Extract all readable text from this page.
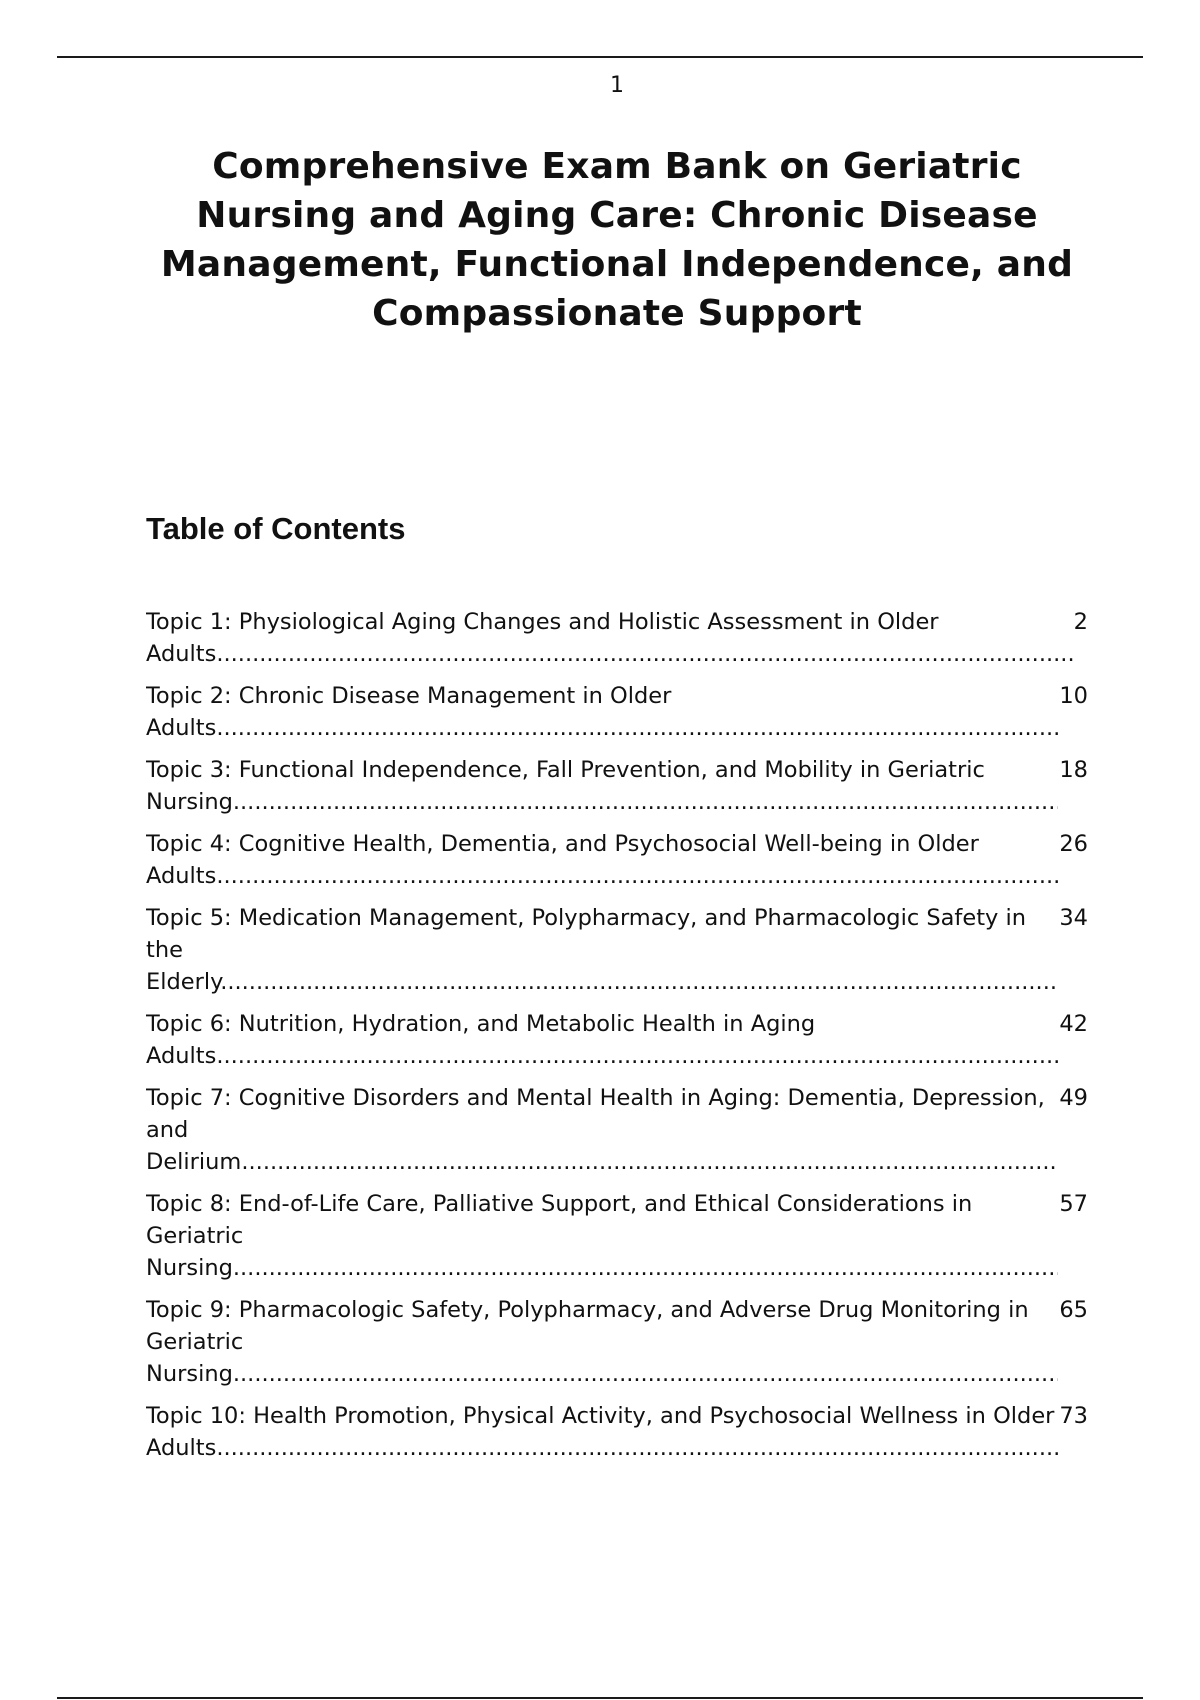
1
Comprehensive Exam Bank on Geriatric Nursing and Aging Care: Chronic Disease Management, Functional Independence, and Compassionate Support
Table of Contents
2
Topic 1: Physiological Aging Changes and Holistic Assessment in Older Adults .....
10
Topic 2: Chronic Disease Management in Older Adults .....
18
Topic 3: Functional Independence, Fall Prevention, and Mobility in Geriatric Nursing .....
26
Topic 4: Cognitive Health, Dementia, and Psychosocial Well-being in Older Adults .....
34
Topic 5: Medication Management, Polypharmacy, and Pharmacologic Safety in the Elderly .....
42
Topic 6: Nutrition, Hydration, and Metabolic Health in Aging Adults .....
49
Topic 7: Cognitive Disorders and Mental Health in Aging: Dementia, Depression, and Delirium .....
57
Topic 8: End-of-Life Care, Palliative Support, and Ethical Considerations in Geriatric Nursing .....
65
Topic 9: Pharmacologic Safety, Polypharmacy, and Adverse Drug Monitoring in Geriatric Nursing .....
73
Topic 10: Health Promotion, Physical Activity, and Psychosocial Wellness in Older Adults .....
